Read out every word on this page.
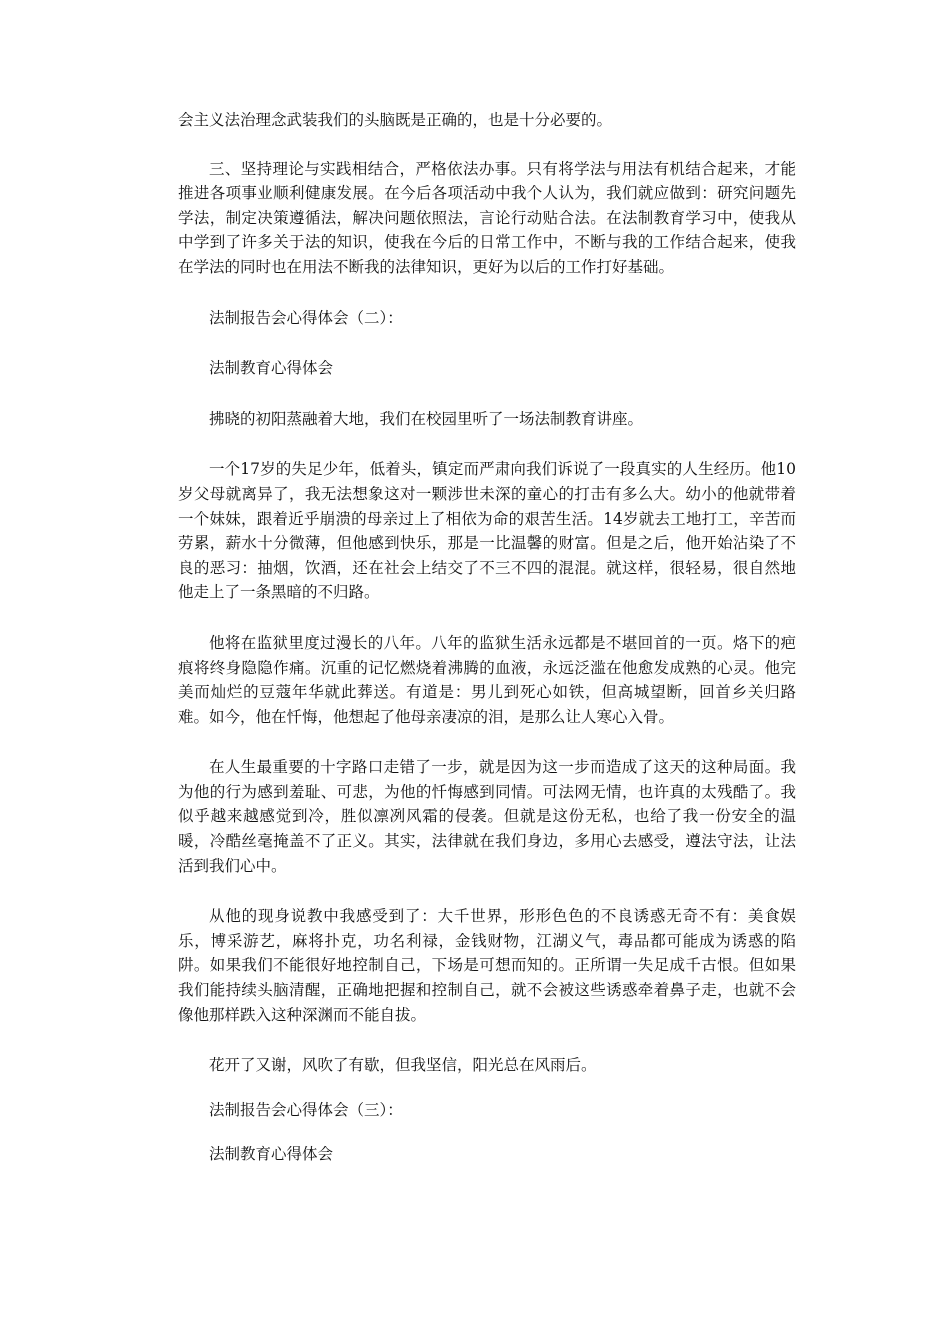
会主义法治理念武装我们的头脑既是正确的，也是十分必要的。

三、坚持理论与实践相结合，严格依法办事。只有将学法与用法有机结合起来，才能推进各项事业顺利健康发展。在今后各项活动中我个人认为，我们就应做到：研究问题先学法，制定决策遵循法，解决问题依照法，言论行动贴合法。在法制教育学习中，使我从中学到了许多关于法的知识，使我在今后的日常工作中，不断与我的工作结合起来，使我在学法的同时也在用法不断我的法律知识，更好为以后的工作打好基础。

法制报告会心得体会（二）：

法制教育心得体会

拂晓的初阳蒸融着大地，我们在校园里听了一场法制教育讲座。

一个17岁的失足少年，低着头，镇定而严肃向我们诉说了一段真实的人生经历。他10岁父母就离异了，我无法想象这对一颗涉世未深的童心的打击有多么大。幼小的他就带着一个妹妹，跟着近乎崩溃的母亲过上了相依为命的艰苦生活。14岁就去工地打工，辛苦而劳累，薪水十分微薄，但他感到快乐，那是一比温馨的财富。但是之后，他开始沾染了不良的恶习：抽烟，饮酒，还在社会上结交了不三不四的混混。就这样，很轻易，很自然地他走上了一条黑暗的不归路。

他将在监狱里度过漫长的八年。八年的监狱生活永远都是不堪回首的一页。烙下的疤痕将终身隐隐作痛。沉重的记忆燃烧着沸腾的血液，永远泛滥在他愈发成熟的心灵。他完美而灿烂的豆蔻年华就此葬送。有道是：男儿到死心如铁，但高城望断，回首乡关归路难。如今，他在忏悔，他想起了他母亲凄凉的泪，是那么让人寒心入骨。

在人生最重要的十字路口走错了一步，就是因为这一步而造成了这天的这种局面。我为他的行为感到羞耻、可悲，为他的忏悔感到同情。可法网无情，也许真的太残酷了。我似乎越来越感觉到冷，胜似凛冽风霜的侵袭。但就是这份无私，也给了我一份安全的温暖，冷酷丝毫掩盖不了正义。其实，法律就在我们身边，多用心去感受，遵法守法，让法活到我们心中。

从他的现身说教中我感受到了：大千世界，形形色色的不良诱惑无奇不有：美食娱乐，博采游艺，麻将扑克，功名利禄，金钱财物，江湖义气，毒品都可能成为诱惑的陷阱。如果我们不能很好地控制自己，下场是可想而知的。正所谓一失足成千古恨。但如果我们能持续头脑清醒，正确地把握和控制自己，就不会被这些诱惑牵着鼻子走，也就不会像他那样跌入这种深渊而不能自拔。

花开了又谢，风吹了有歇，但我坚信，阳光总在风雨后。

法制报告会心得体会（三）：

法制教育心得体会
